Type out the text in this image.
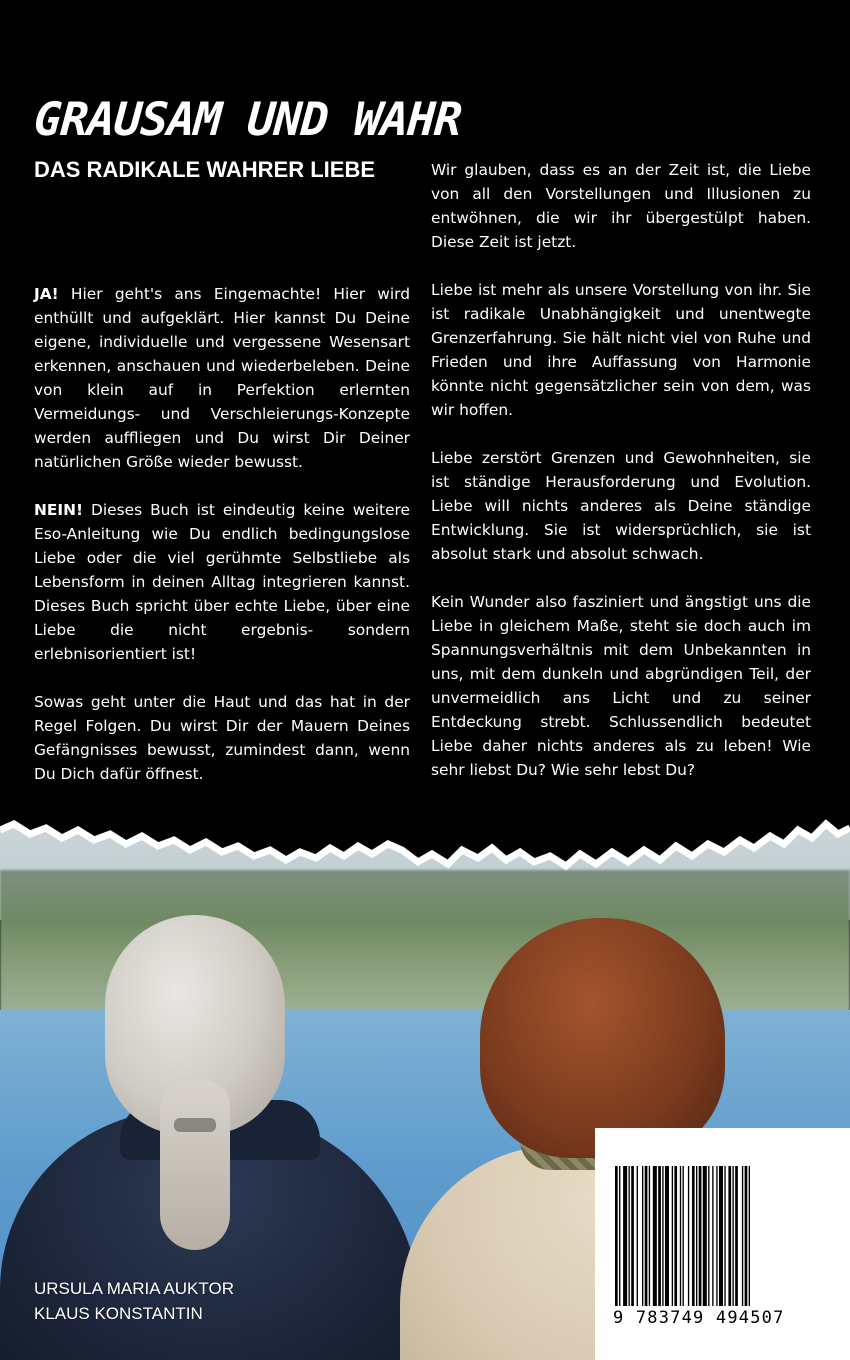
GRAUSAM UND WAHR
DAS RADIKALE WAHRER LIEBE

JA! Hier geht's ans Eingemachte! Hier wird enthüllt und aufgeklärt. Hier kannst Du Deine eigene, individuelle und vergessene Wesensart erkennen, anschauen und wiederbeleben. Deine von klein auf in Perfektion erlernten Vermeidungs- und Verschleierungs-Konzepte werden auffliegen und Du wirst Dir Deiner natürlichen Größe wieder bewusst.

NEIN! Dieses Buch ist eindeutig keine weitere Eso-Anleitung wie Du endlich bedingungslose Liebe oder die viel gerühmte Selbstliebe als Lebensform in deinen Alltag integrieren kannst. Dieses Buch spricht über echte Liebe, über eine Liebe die nicht ergebnis- sondern erlebnisorientiert ist!

Sowas geht unter die Haut und das hat in der Regel Folgen. Du wirst Dir der Mauern Deines Gefängnisses bewusst, zumindest dann, wenn Du Dich dafür öffnest.

Wir glauben, dass es an der Zeit ist, die Liebe von all den Vorstellungen und Illusionen zu entwöhnen, die wir ihr übergestülpt haben. Diese Zeit ist jetzt.

Liebe ist mehr als unsere Vorstellung von ihr. Sie ist radikale Unabhängigkeit und unentwegte Grenzerfahrung. Sie hält nicht viel von Ruhe und Frieden und ihre Auffassung von Harmonie könnte nicht gegensätzlicher sein von dem, was wir hoffen.

Liebe zerstört Grenzen und Gewohnheiten, sie ist ständige Herausforderung und Evolution. Liebe will nichts anderes als Deine ständige Entwicklung. Sie ist widersprüchlich, sie ist absolut stark und absolut schwach.

Kein Wunder also fasziniert und ängstigt uns die Liebe in gleichem Maße, steht sie doch auch im Spannungsverhältnis mit dem Unbekannten in uns, mit dem dunkeln und abgründigen Teil, der unvermeidlich ans Licht und zu seiner Entdeckung strebt. Schlussendlich bedeutet Liebe daher nichts anderes als zu leben! Wie sehr liebst Du? Wie sehr lebst Du?

URSULA MARIA AUKTOR
KLAUS KONSTANTIN	9 783749 494507
